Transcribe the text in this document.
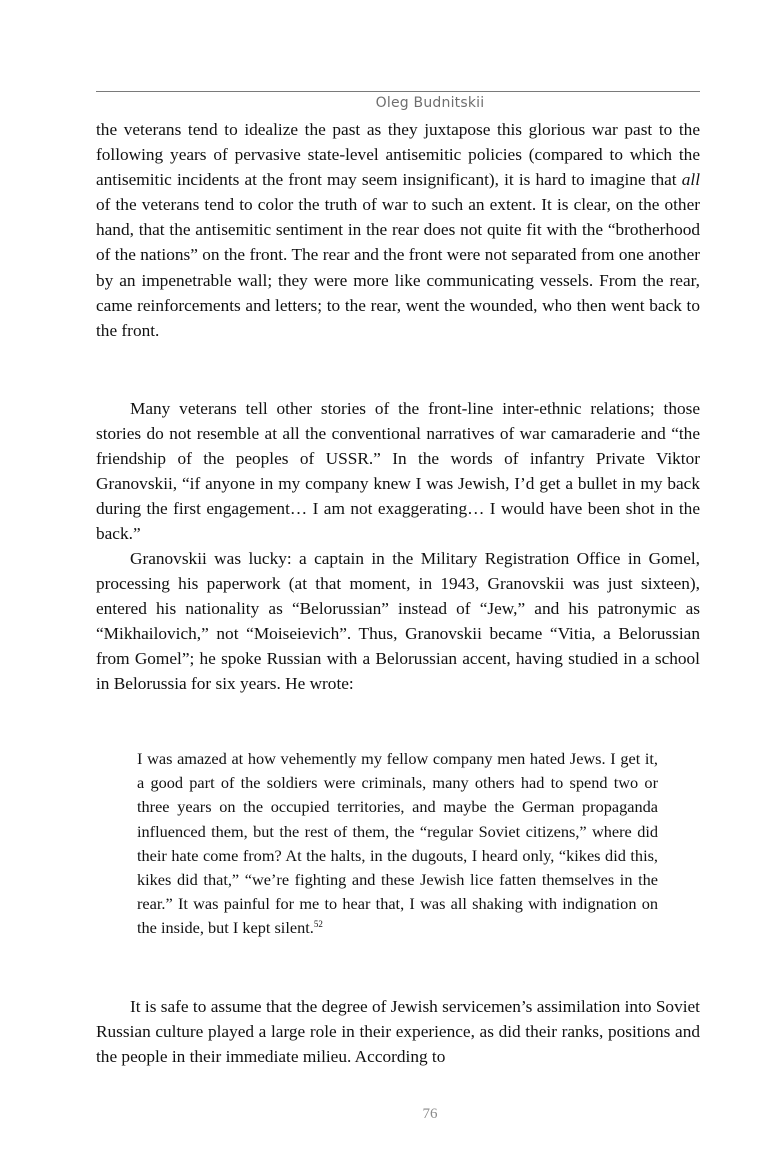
Oleg Budnitskii

the veterans tend to idealize the past as they juxtapose this glorious war past to the following years of pervasive state-level antisemitic policies (compared to which the antisemitic incidents at the front may seem insignificant), it is hard to imagine that all of the veterans tend to color the truth of war to such an extent. It is clear, on the other hand, that the antisemitic sentiment in the rear does not quite fit with the “brotherhood of the nations” on the front. The rear and the front were not separated from one another by an impenetrable wall; they were more like communicating vessels. From the rear, came reinforcements and letters; to the rear, went the wounded, who then went back to the front.

Many veterans tell other stories of the front-line inter-ethnic relations; those stories do not resemble at all the conventional narratives of war camaraderie and “the friendship of the peoples of USSR.” In the words of infantry Private Viktor Granovskii, “if anyone in my company knew I was Jewish, I’d get a bullet in my back during the first engagement… I am not exaggerating… I would have been shot in the back.”

Granovskii was lucky: a captain in the Military Registration Office in Gomel, processing his paperwork (at that moment, in 1943, Granovskii was just sixteen), entered his nationality as “Belorussian” instead of “Jew,” and his patronymic as “Mikhailovich,” not “Moiseievich”. Thus, Granovskii became “Vitia, a Belorussian from Gomel”; he spoke Russian with a Belorussian accent, having studied in a school in Belorussia for six years. He wrote:

I was amazed at how vehemently my fellow company men hated Jews. I get it, a good part of the soldiers were criminals, many others had to spend two or three years on the occupied territories, and maybe the German propaganda influenced them, but the rest of them, the “regular Soviet citizens,” where did their hate come from? At the halts, in the dugouts, I heard only, “kikes did this, kikes did that,” “we’re fighting and these Jewish lice fatten themselves in the rear.” It was painful for me to hear that, I was all shaking with indignation on the inside, but I kept silent.$^{52}$

It is safe to assume that the degree of Jewish servicemen’s assimilation into Soviet Russian culture played a large role in their experience, as did their ranks, positions and the people in their immediate milieu. According to

76
